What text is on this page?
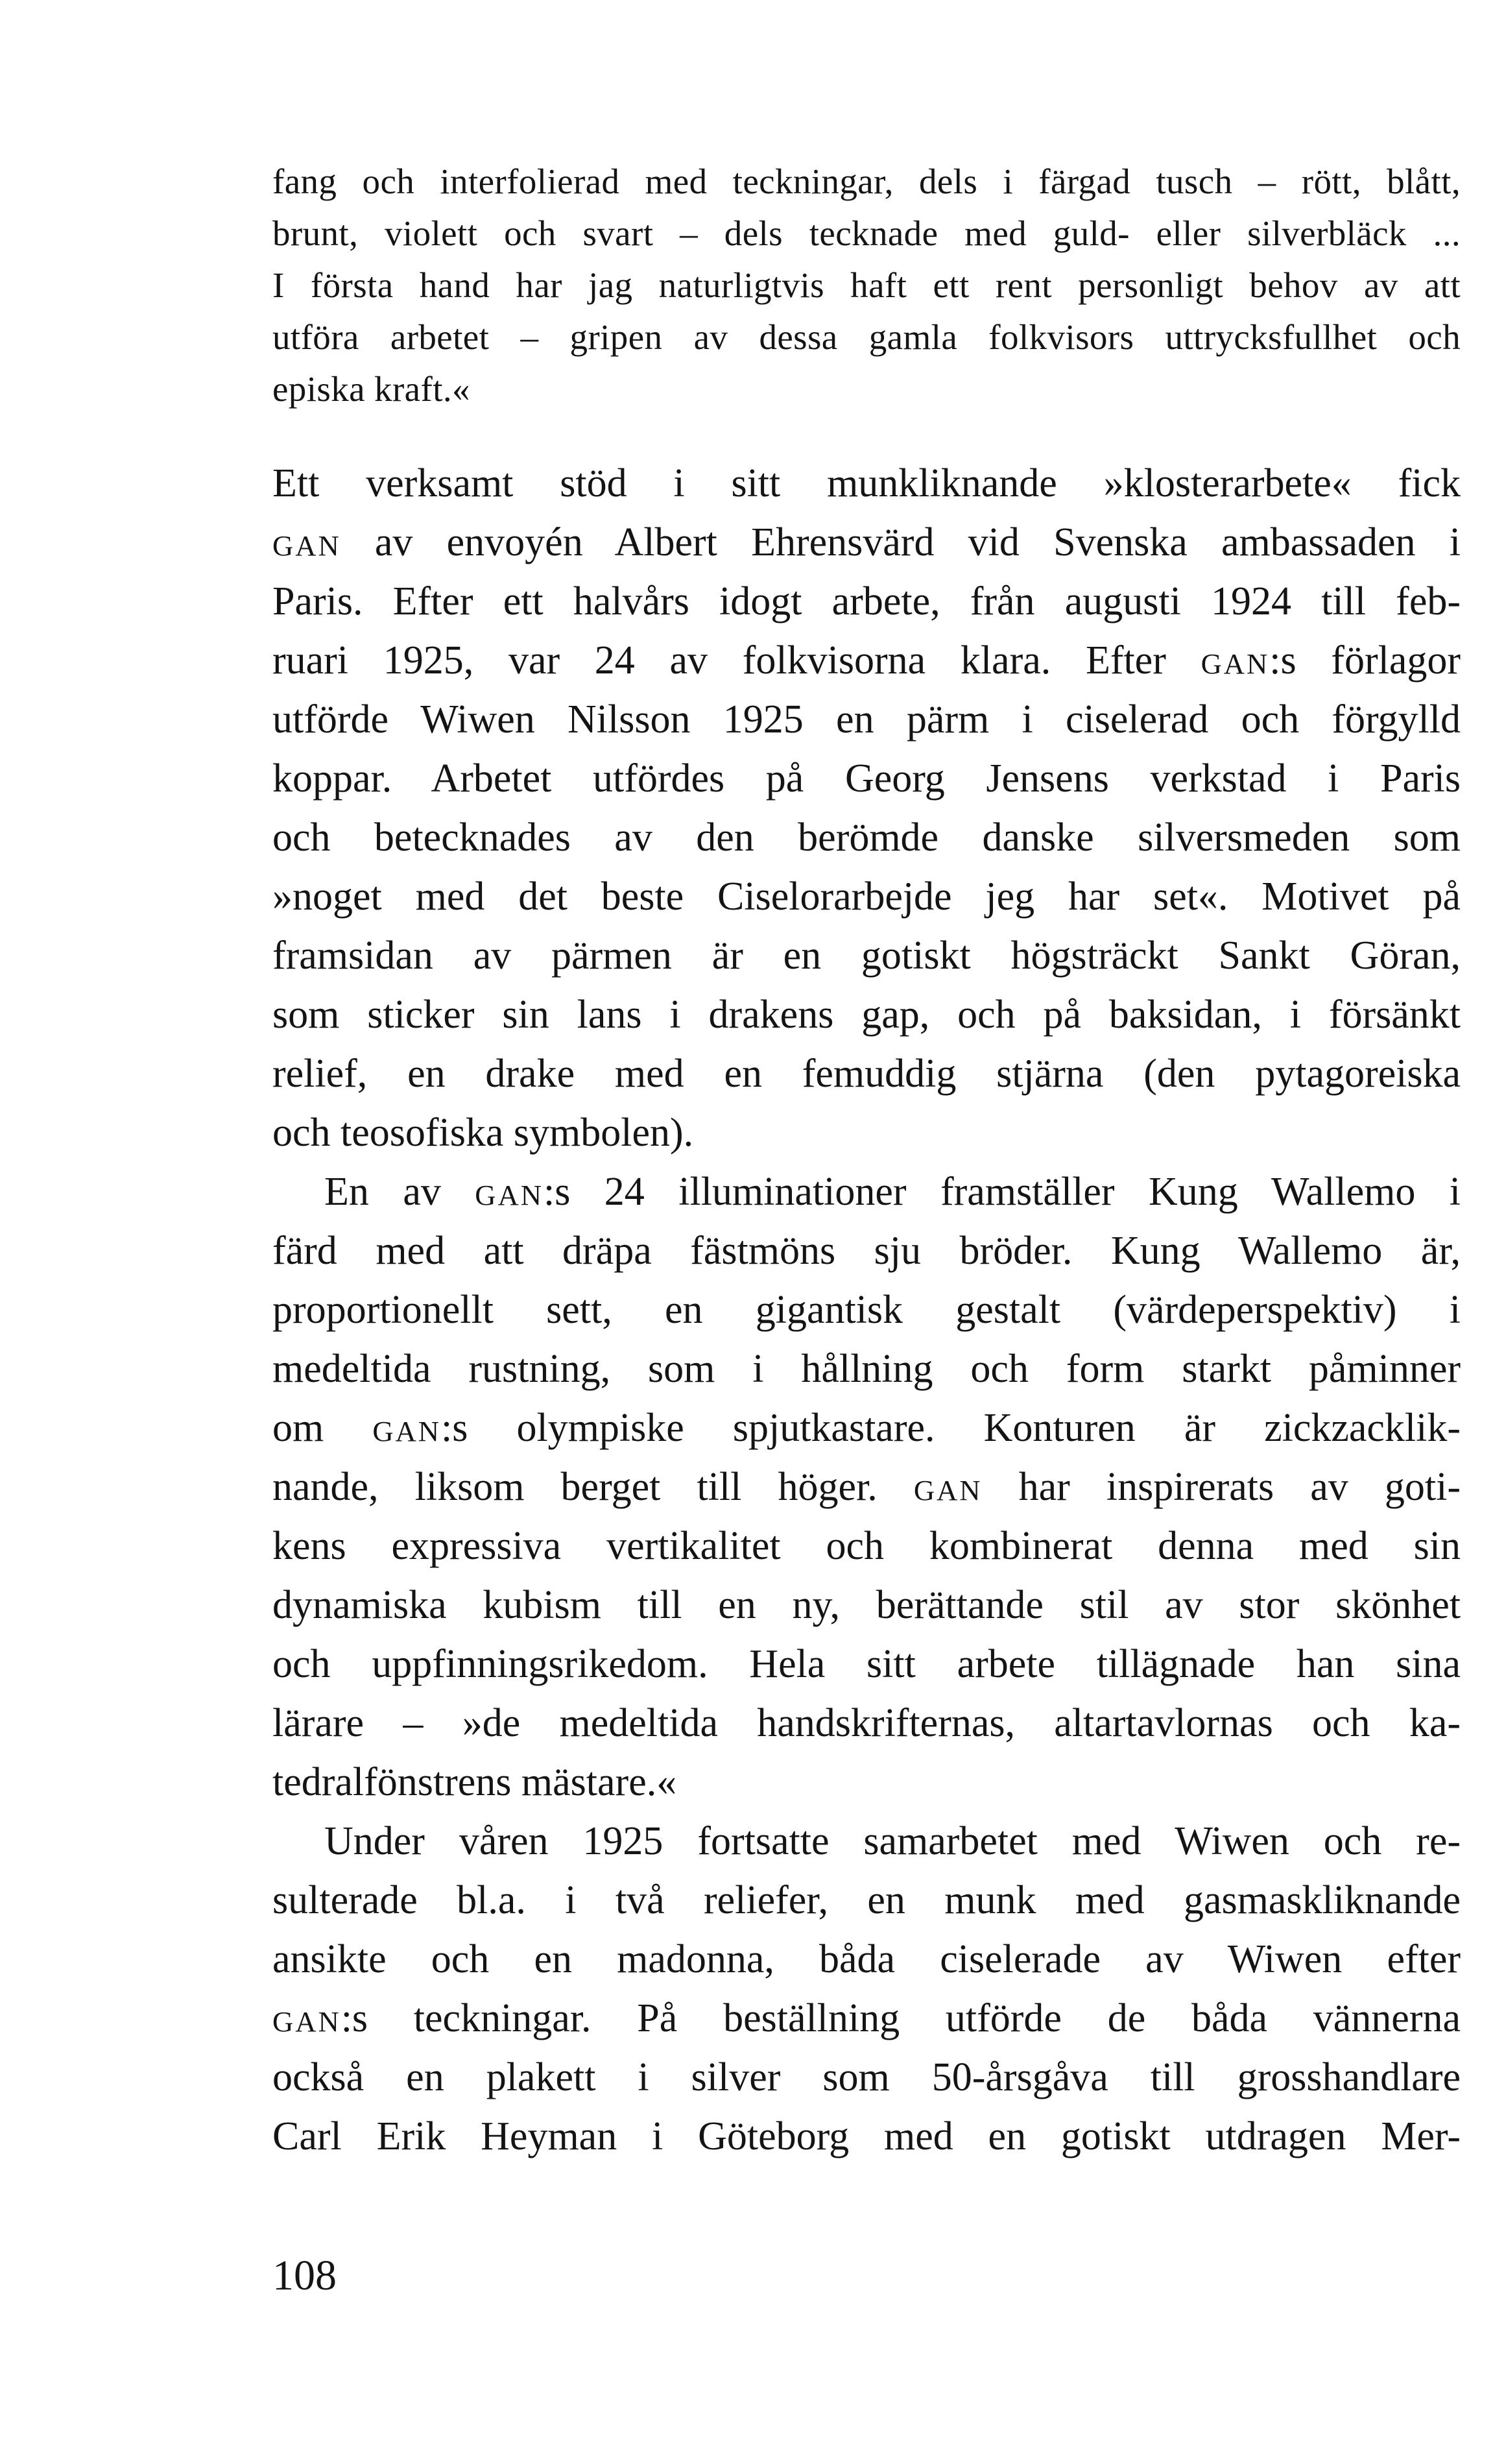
fang och interfolierad med teckningar, dels i färgad tusch – rött, blått,
brunt, violett och svart – dels tecknade med guld- eller silverbläck ...
I första hand har jag naturligtvis haft ett rent personligt behov av att
utföra arbetet – gripen av dessa gamla folkvisors uttrycksfullhet och
episka kraft.«
Ett verksamt stöd i sitt munkliknande »klosterarbete« fick
GAN av envoyén Albert Ehrensvärd vid Svenska ambassaden i
Paris. Efter ett halvårs idogt arbete, från augusti 1924 till feb-
ruari 1925, var 24 av folkvisorna klara. Efter GAN:s förlagor
utförde Wiwen Nilsson 1925 en pärm i ciselerad och förgylld
koppar. Arbetet utfördes på Georg Jensens verkstad i Paris
och betecknades av den berömde danske silversmeden som
»noget med det beste Ciselorarbejde jeg har set«. Motivet på
framsidan av pärmen är en gotiskt högsträckt Sankt Göran,
som sticker sin lans i drakens gap, och på baksidan, i försänkt
relief, en drake med en femuddig stjärna (den pytagoreiska
och teosofiska symbolen).
En av GAN:s 24 illuminationer framställer Kung Wallemo i
färd med att dräpa fästmöns sju bröder. Kung Wallemo är,
proportionellt sett, en gigantisk gestalt (värdeperspektiv) i
medeltida rustning, som i hållning och form starkt påminner
om GAN:s olympiske spjutkastare. Konturen är zickzacklik-
nande, liksom berget till höger. GAN har inspirerats av goti-
kens expressiva vertikalitet och kombinerat denna med sin
dynamiska kubism till en ny, berättande stil av stor skönhet
och uppfinningsrikedom. Hela sitt arbete tillägnade han sina
lärare – »de medeltida handskrifternas, altartavlornas och ka-
tedralfönstrens mästare.«
Under våren 1925 fortsatte samarbetet med Wiwen och re-
sulterade bl.a. i två reliefer, en munk med gasmaskliknande
ansikte och en madonna, båda ciselerade av Wiwen efter
GAN:s teckningar. På beställning utförde de båda vännerna
också en plakett i silver som 50-årsgåva till grosshandlare
Carl Erik Heyman i Göteborg med en gotiskt utdragen Mer-
108
